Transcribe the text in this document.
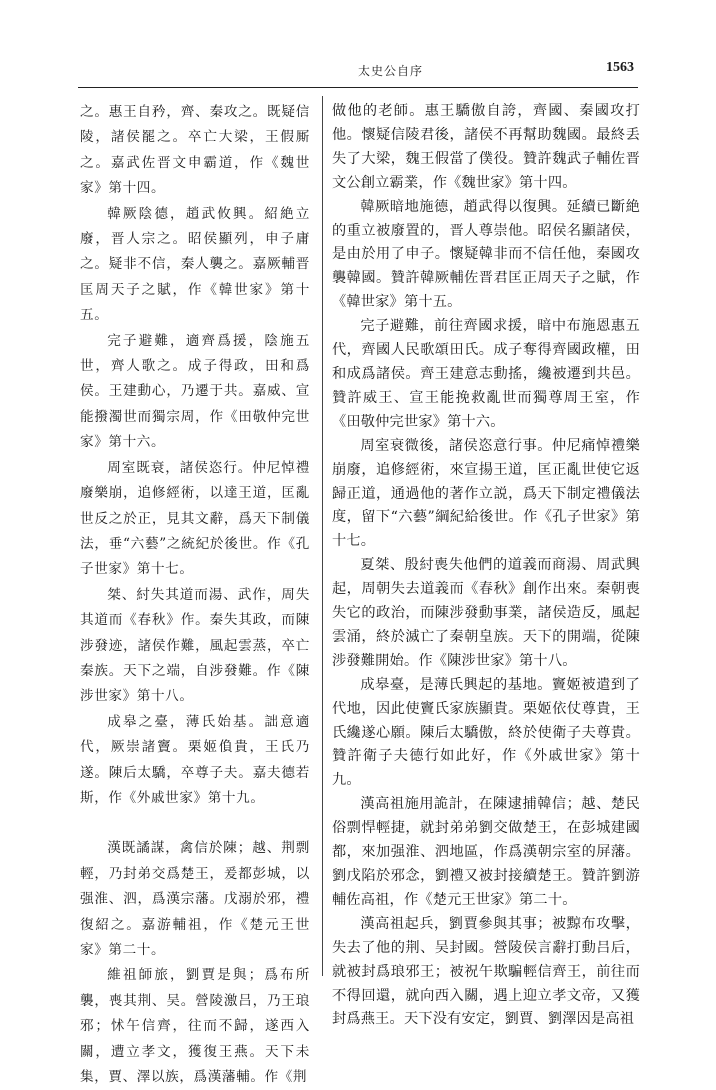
太史公自序	1563

之。惠王自矜，齊、秦攻之。既疑信陵，諸侯罷之。卒亡大梁，王假厮之。嘉武佐晋文申霸道，作《魏世家》第十四。

韓厥陰德，趙武攸興。紹絶立廢，晋人宗之。昭侯顯列，申子庸之。疑非不信，秦人襲之。嘉厥輔晋匡周天子之賦，作《韓世家》第十五。

完子避難，適齊爲援，陰施五世，齊人歌之。成子得政，田和爲侯。王建動心，乃遷于共。嘉威、宣能撥濁世而獨宗周，作《田敬仲完世家》第十六。

周室既衰，諸侯恣行。仲尼悼禮廢樂崩，追修經術，以達王道，匡亂世反之於正，見其文辭，爲天下制儀法，垂“六藝”之統紀於後世。作《孔子世家》第十七。

桀、紂失其道而湯、武作，周失其道而《春秋》作。秦失其政，而陳涉發迹，諸侯作難，風起雲蒸，卒亡秦族。天下之端，自涉發難。作《陳涉世家》第十八。

成皋之臺，薄氏始基。詘意適代，厥崇諸竇。栗姬偩貴，王氏乃遂。陳后太驕，卒尊子夫。嘉夫德若斯，作《外戚世家》第十九。

漢既譎謀，禽信於陳；越、荆剽輕，乃封弟交爲楚王，爰都彭城，以强淮、泗，爲漢宗藩。戊溺於邪，禮復紹之。嘉游輔祖，作《楚元王世家》第二十。

維祖師旅，劉賈是與；爲布所襲，喪其荆、吴。營陵激吕，乃王琅邪；怵午信齊，往而不歸，遂西入關，遭立孝文，獲復王燕。天下未集，賈、澤以族，爲漢藩輔。作《荆

做他的老師。惠王驕傲自誇，齊國、秦國攻打他。懷疑信陵君後，諸侯不再幫助魏國。最終丢失了大梁，魏王假當了僕役。贊許魏武子輔佐晋文公創立霸業，作《魏世家》第十四。

韓厥暗地施德，趙武得以復興。延續已斷絶的重立被廢置的，晋人尊崇他。昭侯名顯諸侯，是由於用了申子。懷疑韓非而不信任他，秦國攻襲韓國。贊許韓厥輔佐晋君匡正周天子之賦，作《韓世家》第十五。

完子避難，前往齊國求援，暗中布施恩惠五代，齊國人民歌頌田氏。成子奪得齊國政權，田和成爲諸侯。齊王建意志動搖，纔被遷到共邑。贊許威王、宣王能挽救亂世而獨尊周王室，作《田敬仲完世家》第十六。

周室衰微後，諸侯恣意行事。仲尼痛悼禮樂崩廢，追修經術，來宣揚王道，匡正亂世使它返歸正道，通過他的著作立説，爲天下制定禮儀法度，留下“六藝”綱紀給後世。作《孔子世家》第十七。

夏桀、殷紂喪失他們的道義而商湯、周武興起，周朝失去道義而《春秋》創作出來。秦朝喪失它的政治，而陳涉發動事業，諸侯造反，風起雲涌，終於滅亡了秦朝皇族。天下的開端，從陳涉發難開始。作《陳涉世家》第十八。

成皋臺，是薄氏興起的基地。竇姬被遣到了代地，因此使竇氏家族顯貴。栗姬依仗尊貴，王氏纔遂心願。陳后太驕傲，終於使衛子夫尊貴。贊許衛子夫德行如此好，作《外戚世家》第十九。

漢高祖施用詭計，在陳逮捕韓信；越、楚民俗剽悍輕捷，就封弟弟劉交做楚王，在彭城建國都，來加强淮、泗地區，作爲漢朝宗室的屏藩。劉戊陷於邪念，劉禮又被封接續楚王。贊許劉游輔佐高祖，作《楚元王世家》第二十。

漢高祖起兵，劉賈參與其事；被黥布攻擊，失去了他的荆、吴封國。營陵侯言辭打動吕后，就被封爲琅邪王；被祝午欺騙輕信齊王，前往而不得回還，就向西入關，遇上迎立孝文帝，又獲封爲燕王。天下没有安定，劉賈、劉澤因是高祖
